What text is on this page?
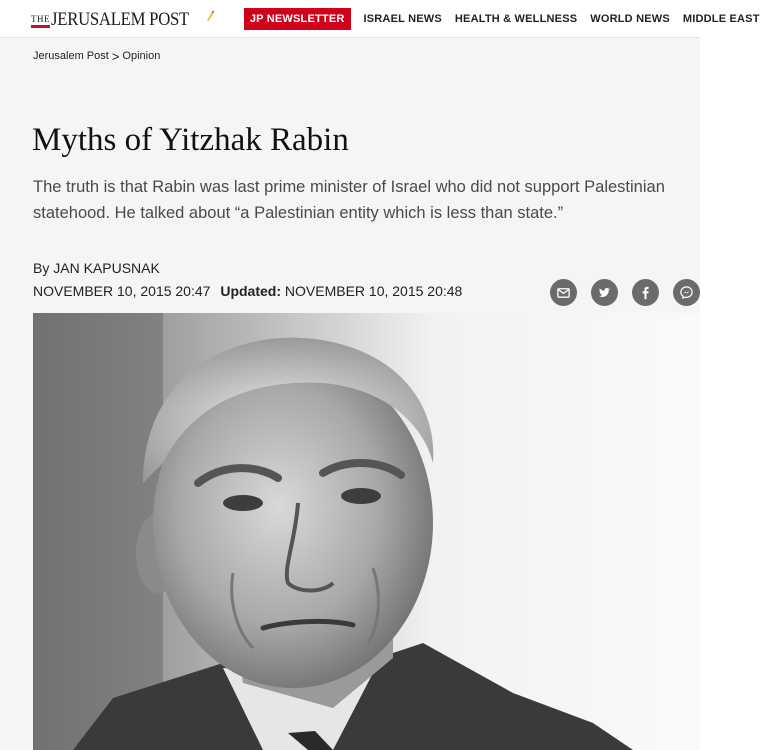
THE JERUSALEM POST	JP NEWSLETTER	ISRAEL NEWS HEALTH & WELLNESS WORLD NEWS MIDDLE EAST
Jerusalem Post > Opinion
Myths of Yitzhak Rabin

The truth is that Rabin was last prime minister of Israel who did not support Palestinian statehood. He talked about “a Palestinian entity which is less than state.”

By JAN KAPUSNAK
NOVEMBER 10, 2015 20:47 Updated: NOVEMBER 10, 2015 20:48
